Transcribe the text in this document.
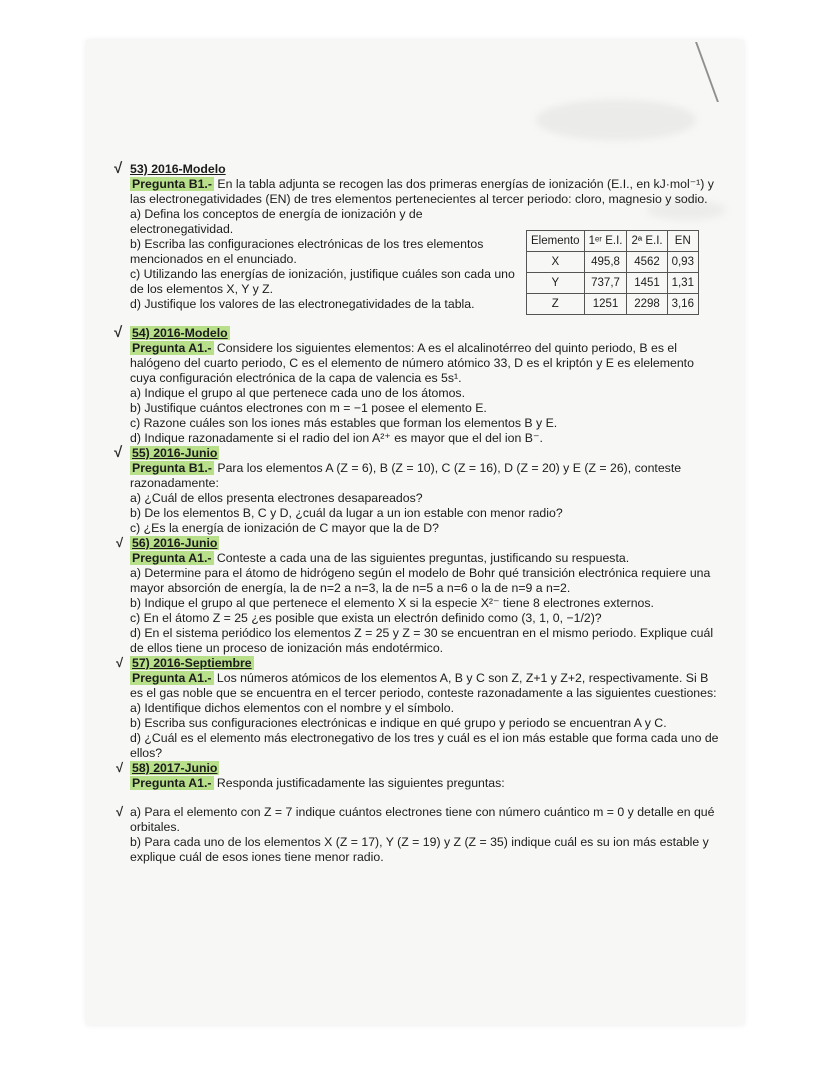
√ 53) 2016-Modelo

Pregunta B1.- En la tabla adjunta se recogen las dos primeras energías de ionización (E.I., en kJ·mol⁻¹) y las electronegatividades (EN) de tres elementos pertenecientes al tercer periodo: cloro, magnesio y sodio.

a) Defina los conceptos de energía de ionización y de electronegatividad.

b) Escriba las configuraciones electrónicas de los tres elementos mencionados en el enunciado.

c) Utilizando las energías de ionización, justifique cuáles son cada uno de los elementos X, Y y Z.

d) Justifique los valores de las electronegatividades de la tabla.

Elemento	1ᵉʳ E.I.	2ª E.I.	EN
X	495,8	4562	0,93
Y	737,7	1451	1,31
Z	1251	2298	3,16
√ 54) 2016-Modelo

Pregunta A1.- Considere los siguientes elementos: A es el alcalinotérreo del quinto periodo, B es el halógeno del cuarto periodo, C es el elemento de número atómico 33, D es el kriptón y E es elelemento cuya configuración electrónica de la capa de valencia es 5s¹.

a) Indique el grupo al que pertenece cada uno de los átomos.

b) Justifique cuántos electrones con m = −1 posee el elemento E.

c) Razone cuáles son los iones más estables que forman los elementos B y E.

d) Indique razonadamente si el radio del ion A²⁺ es mayor que el del ion B⁻.

√ 55) 2016-Junio

Pregunta B1.- Para los elementos A (Z = 6), B (Z = 10), C (Z = 16), D (Z = 20) y E (Z = 26), conteste razonadamente:

a) ¿Cuál de ellos presenta electrones desapareados?

b) De los elementos B, C y D, ¿cuál da lugar a un ion estable con menor radio?

c) ¿Es la energía de ionización de C mayor que la de D?

√ 56) 2016-Junio

Pregunta A1.- Conteste a cada una de las siguientes preguntas, justificando su respuesta.

a) Determine para el átomo de hidrógeno según el modelo de Bohr qué transición electrónica requiere una mayor absorción de energía, la de n=2 a n=3, la de n=5 a n=6 o la de n=9 a n=2.

b) Indique el grupo al que pertenece el elemento X si la especie X²⁻ tiene 8 electrones externos.

c) En el átomo Z = 25 ¿es posible que exista un electrón definido como (3, 1, 0, −1/2)?

d) En el sistema periódico los elementos Z = 25 y Z = 30 se encuentran en el mismo periodo. Explique cuál de ellos tiene un proceso de ionización más endotérmico.

√ 57) 2016-Septiembre

Pregunta A1.- Los números atómicos de los elementos A, B y C son Z, Z+1 y Z+2, respectivamente. Si B es el gas noble que se encuentra en el tercer periodo, conteste razonadamente a las siguientes cuestiones:

a) Identifique dichos elementos con el nombre y el símbolo.

b) Escriba sus configuraciones electrónicas e indique en qué grupo y periodo se encuentran A y C.

d) ¿Cuál es el elemento más electronegativo de los tres y cuál es el ion más estable que forma cada uno de ellos?

√ 58) 2017-Junio

Pregunta A1.- Responda justificadamente las siguientes preguntas:

√ a) Para el elemento con Z = 7 indique cuántos electrones tiene con número cuántico m = 0 y detalle en qué orbitales.

b) Para cada uno de los elementos X (Z = 17), Y (Z = 19) y Z (Z = 35) indique cuál es su ion más estable y explique cuál de esos iones tiene menor radio.
